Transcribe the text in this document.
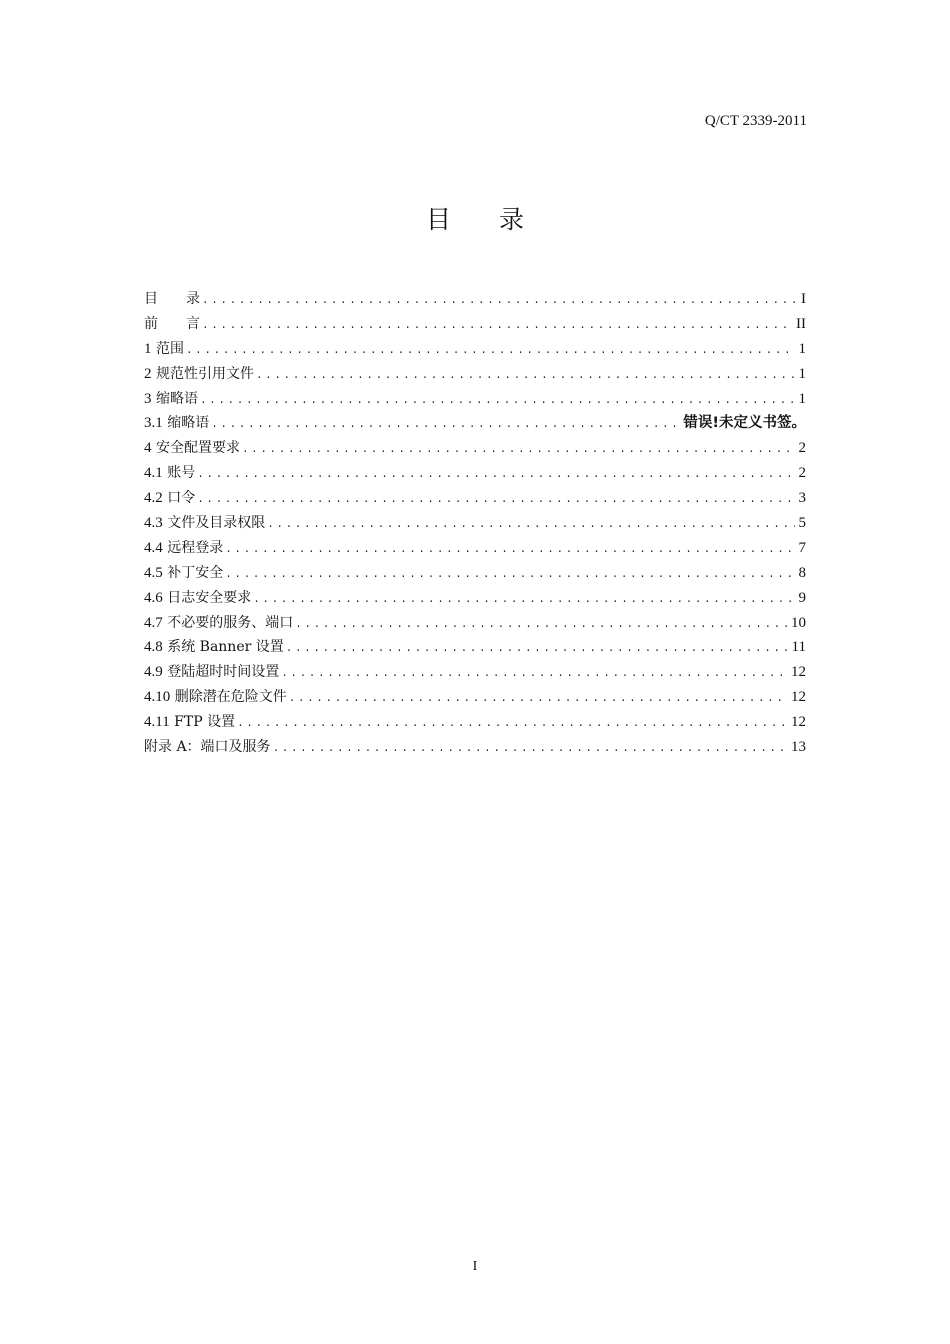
Q/CT 2339-2011
目 录
目　　录 .....	I
前　　言 .....	II
1 范围 .....	1
2 规范性引用文件 .....	1
3 缩略语 .....	1
3.1 缩略语 .....	错误!未定义书签。
4 安全配置要求 .....	2
4.1 账号 .....	2
4.2 口令 .....	3
4.3 文件及目录权限 .....	5
4.4 远程登录 .....	7
4.5 补丁安全 .....	8
4.6 日志安全要求 .....	9
4.7 不必要的服务、端口 .....	10
4.8 系统 Banner 设置 .....	11
4.9 登陆超时时间设置 .....	12
4.10 删除潜在危险文件 .....	12
4.11 FTP 设置 .....	12
附录 A：端口及服务 .....	13
I
